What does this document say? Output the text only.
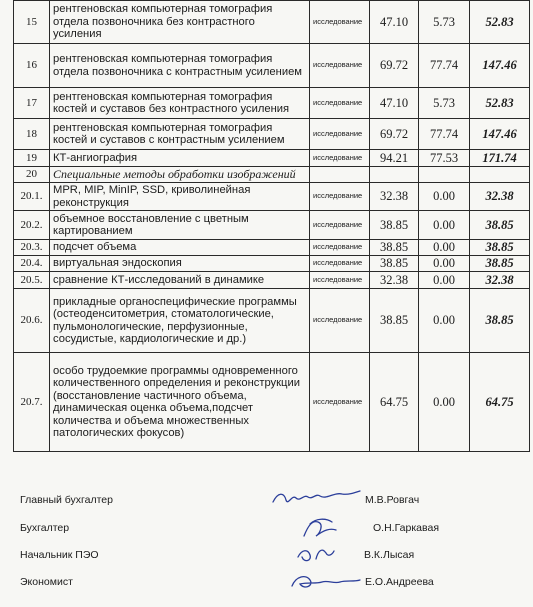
15	рентгеновская компьютерная томография отдела позвоночника без контрастного усиления	исследование	47.10	5.73	52.83
16	рентгеновская компьютерная томография отдела позвоночника с контрастным усилением	исследование	69.72	77.74	147.46
17	рентгеновская компьютерная томография костей и суставов без контрастного усиления	исследование	47.10	5.73	52.83
18	рентгеновская компьютерная томография костей и суставов с контрастным усилением	исследование	69.72	77.74	147.46
19	КТ-ангиография	исследование	94.21	77.53	171.74
20	Специальные методы обработки изображений				
20.1.	MPR, MIP, MinIP, SSD, криволинейная реконструкция	исследование	32.38	0.00	32.38
20.2.	объемное восстановление с цветным картированием	исследование	38.85	0.00	38.85
20.3.	подсчет объема	исследование	38.85	0.00	38.85
20.4.	виртуальная эндоскопия	исследование	38.85	0.00	38.85
20.5.	сравнение КТ-исследований в динамике	исследование	32.38	0.00	32.38
20.6.	прикладные органоспецифические программы (остеоденситометрия, стоматологические, пульмонологические, перфузионные, сосудистые, кардиологические и др.)	исследование	38.85	0.00	38.85
20.7.	особо трудоемкие программы одновременного количественного определения и реконструкции (восстановление частичного объема, динамическая оценка объема,подсчет количества и объема множественных патологических фокусов)	исследование	64.75	0.00	64.75
Главный бухгалтер	М.В.Ровгач
Бухгалтер	О.Н.Гаркавая
Начальник ПЭО	В.К.Лысая
Экономист	Е.О.Андреева
